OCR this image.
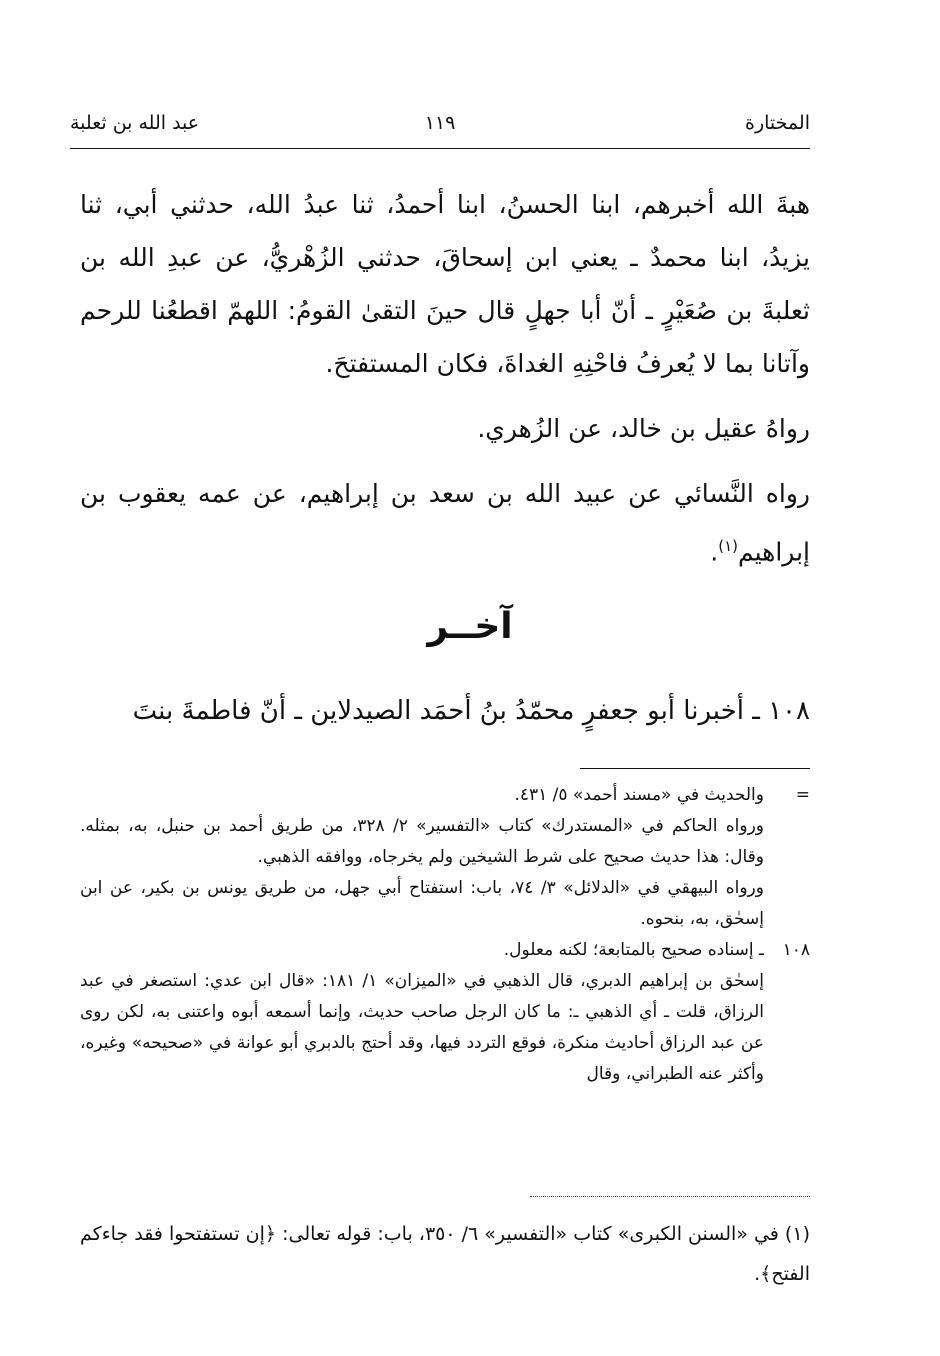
المختارة
١١٩
عبد الله بن ثعلبة

هبةَ الله أخبرهم، ابنا الحسنُ، ابنا أحمدُ، ثنا عبدُ الله، حدثني أبي، ثنا يزيدُ، ابنا محمدٌ ـ يعني ابن إسحاقَ، حدثني الزُهْريُّ، عن عبدِ الله بن ثعلبةَ بن صُعَيْرٍ ـ أنّ أبا جهلٍ قال حينَ التقىٰ القومُ: اللهمّ اقطعُنا للرحم وآتانا بما لا يُعرفُ فاحْنِهِ الغداةَ، فكان المستفتحَ.

رواهُ عقيل بن خالد، عن الزُهري.

رواه النَّسائي عن عبيد الله بن سعد بن إبراهيم، عن عمه يعقوب بن إبراهيم$^{(١)}$.

آخــر
١٠٨ ـ أخبرنا أبو جعفرٍ محمّدُ بنُ أحمَد الصيدلاين ـ أنّ فاطمةَ بنتَ
=

والحديث في «مسند أحمد» ٥/ ٤٣١.

ورواه الحاكم في «المستدرك» كتاب «التفسير» ٢/ ٣٢٨، من طريق أحمد بن حنبل، به، بمثله. وقال: هذا حديث صحيح على شرط الشيخين ولم يخرجاه، ووافقه الذهبي.

ورواه البيهقي في «الدلائل» ٣/ ٧٤، باب: استفتاح أبي جهل، من طريق يونس بن بكير، عن ابن إسحٰق، به، بنحوه.

١٠٨

ـ إسناده صحيح بالمتابعة؛ لكنه معلول.

إسحٰق بن إبراهيم الدبري، قال الذهبي في «الميزان» ١/ ١٨١: «قال ابن عدي: استصغر في عبد الرزاق، قلت ـ أي الذهبي ـ: ما كان الرجل صاحب حديث، وإنما أسمعه أبوه واعتنى به، لكن روى عن عبد الرزاق أحاديث منكرة، فوقع التردد فيها، وقد أحتج بالدبري أبو عوانة في «صحيحه» وغيره، وأكثر عنه الطبراني، وقال

(١) في «السنن الكبرى» كتاب «التفسير» ٦/ ٣٥٠، باب: قوله تعالى: ﴿إن تستفتحوا فقد جاءكم الفتح﴾.
